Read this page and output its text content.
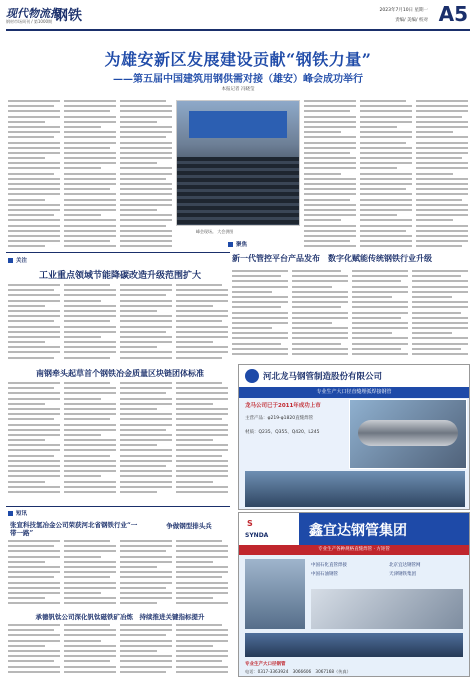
现代物流报
钢材市场周刊 / 第1000期 钢铁	2023年7月10日 星期一
责编/ 美编/ 校对 A5
为雄安新区发展建设贡献“钢铁力量”
——第五届中国建筑用钢供需对接（雄安）峰会成功举行
本报记者 冯晓莹
峰会现场。 大会供图
聚焦
新一代管控平台产品发布　数字化赋能传统钢铁行业升级
关注
工业重点领域节能降碳改造升级范围扩大
南钢牵头起草首个钢铁冶金质量区块链团体标准	河北龙马钢管制造股份有限公司
专业生产大口径直缝埋弧焊接钢管
龙马公司已于2011年成功上市
主营产品：φ219-φ1820直缝焊管
材质：Q235、Q355、Q420、L245
短讯
张宣科技氢冶金公司荣获河北省钢铁行业“一带一路”
争做钢型排头兵
承德钒钛公司深化钒钛磁铁矿冶炼　持续推进关键指标提升
S
SYNDA	鑫宜达钢管集团
专业生产各种规格直缝焊管 · 方矩管
中国石化直管焊接
中国石油钢管
北京宜达钢管网
天津钢铁集团
专业生产大口径钢管
电话：0317-3363924　3066606　3067168（传真）
